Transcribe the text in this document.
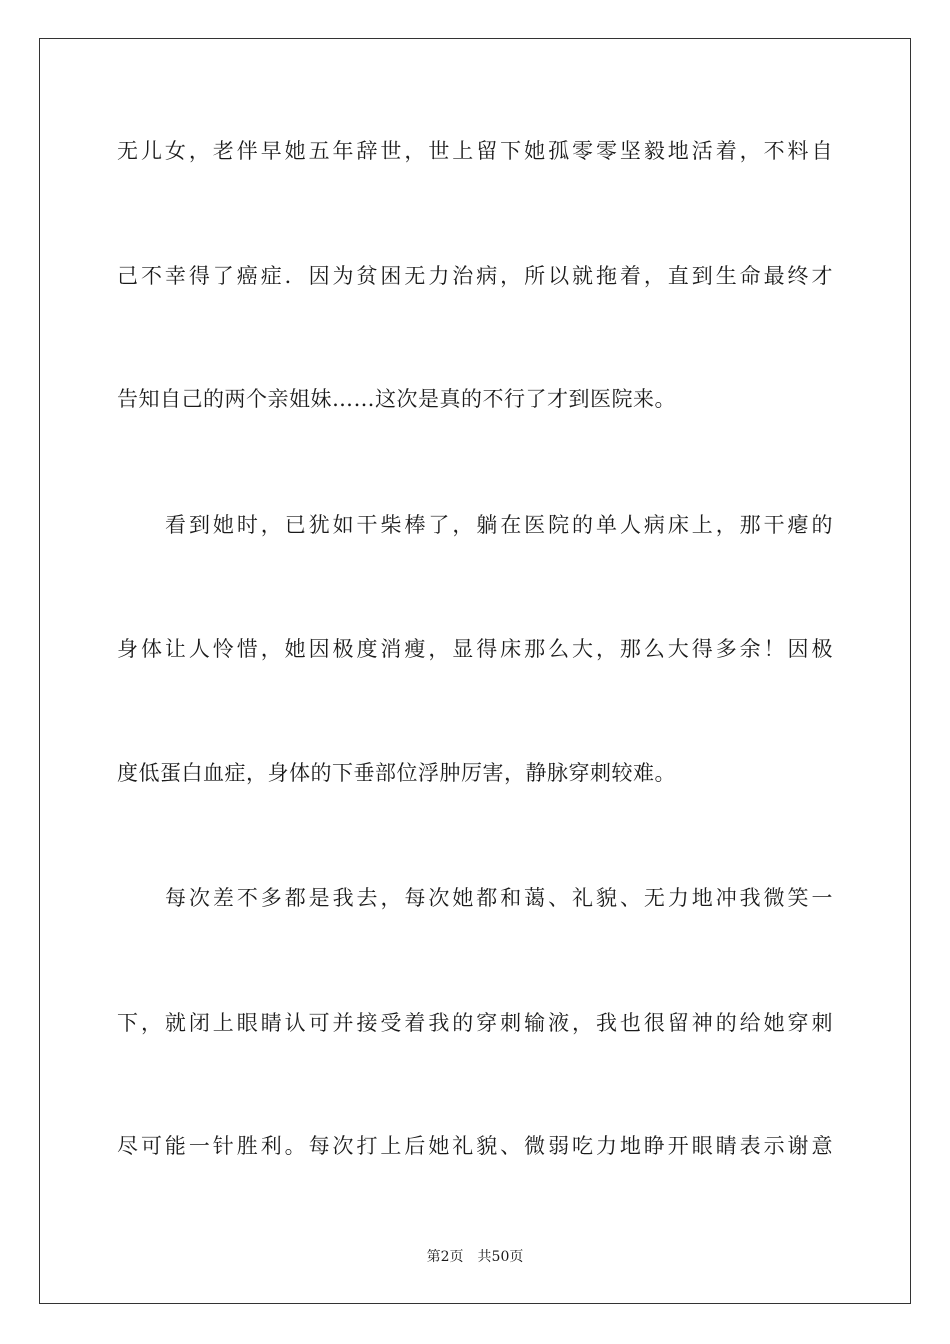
无儿女，老伴早她五年辞世，世上留下她孤零零坚毅地活着，不料自
己不幸得了癌症．因为贫困无力治病，所以就拖着，直到生命最终才
告知自己的两个亲姐妹……这次是真的不行了才到医院来。
看到她时，已犹如干柴棒了，躺在医院的单人病床上，那干瘪的
身体让人怜惜，她因极度消瘦，显得床那么大，那么大得多余！因极
度低蛋白血症，身体的下垂部位浮肿厉害，静脉穿刺较难。
每次差不多都是我去，每次她都和蔼、礼貌、无力地冲我微笑一
下，就闭上眼睛认可并接受着我的穿刺输液，我也很留神的给她穿刺
尽可能一针胜利。每次打上后她礼貌、微弱吃力地睁开眼睛表示谢意
第2页　共50页
